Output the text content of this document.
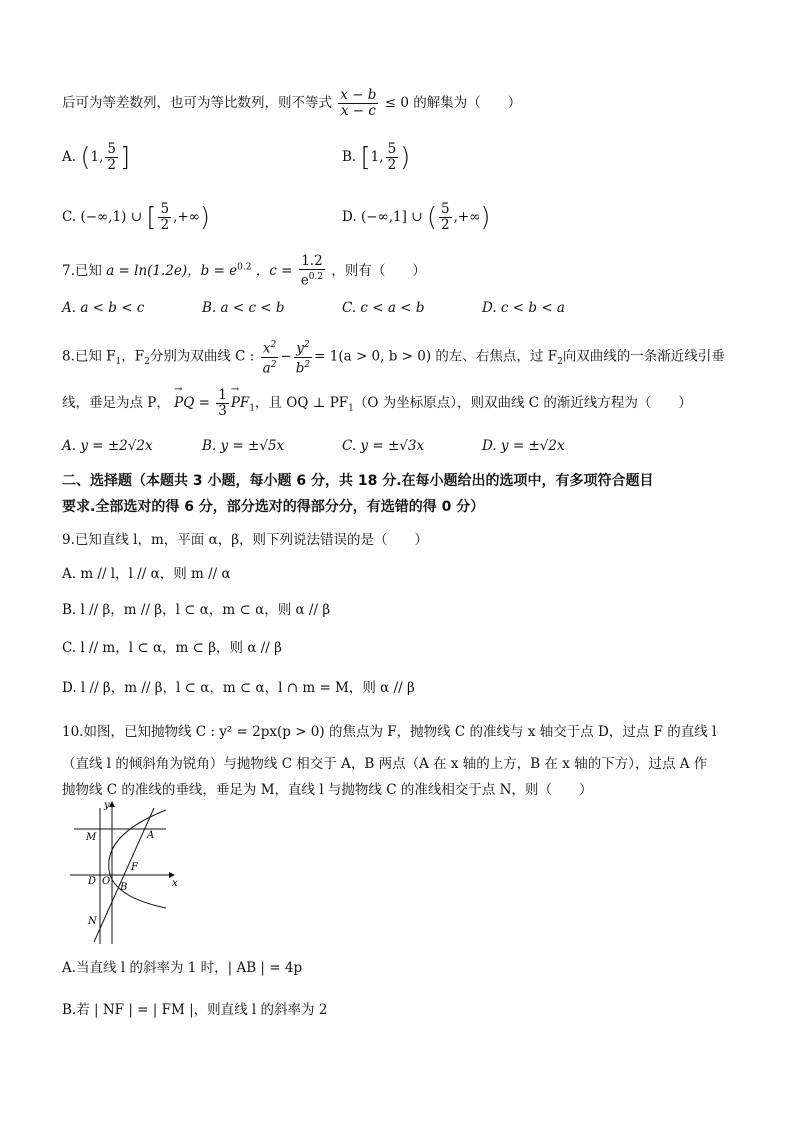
后可为等差数列，也可为等比数列，则不等式 $\frac{x - b}{x - c} \le 0$ 的解集为（　　）
A. (1, $\frac{5}{2}$ ]	B. [1, $\frac{5}{2}$ )
C. (−∞,1) ∪ [ $\frac{5}{2}$ ,+∞)	D. (−∞,1] ∪ ( $\frac{5}{2}$ ,+∞)
7.已知 a = ln(1.2e)，$b = e^{0.2}$ ，$c = \frac{1.2}{e^{0.2}}$ ，则有（　　）
A. a < b < c	B. a < c < b	C. c < a < b	D. c < b < a
8.已知 $F_1$，$F_2$分别为双曲线 C : $\frac{x^2}{a^2} - \frac{y^2}{b^2} = 1(a > 0$, b > 0) 的左、右焦点，过 $F_2$向双曲线的一条渐近线引垂
线，垂足为点 P， → PQ = $\frac{1}{3}$
→ $PF_1$，且 OQ ⊥ $PF_1(O$ 为坐标原点），则双曲线 C 的渐近线方程为（　　）
A. y = ±2√2x	B. y = ±√5x	C. y = ±√3x	D. y = ±√2x
二、选择题（本题共 3 小题，每小题 6 分，共 18 分.在每小题给出的选项中，有多项符合题目
要求.全部选对的得 6 分，部分选对的得部分分，有选错的得 0 分）
9.已知直线 l，m，平面 α，β，则下列说法错误的是（　　）
A. m // l，l // α，则 m // α
B. l // β，m // β，l ⊂ α，m ⊂ α，则 α // β
C. l // m，l ⊂ α，m ⊂ β，则 α // β
D. l // β，m // β，l ⊂ α，m ⊂ α，l ∩ m = M，则 α // β
10.如图，已知抛物线 C : y² = 2px(p > 0) 的焦点为 F，抛物线 C 的准线与 x 轴交于点 D，过点 F 的直线 l
（直线 l 的倾斜角为锐角）与抛物线 C 相交于 A，B 两点（A 在 x 轴的上方，B 在 x 轴的下方），过点 A 作
抛物线 C 的准线的垂线，垂足为 M，直线 l 与抛物线 C 的准线相交于点 N，则（　　）
y
x
M	A
F
D O
B
N
A.当直线 l 的斜率为 1 时，| AB | = 4p
B.若 | NF | = | FM |，则直线 l 的斜率为 2
